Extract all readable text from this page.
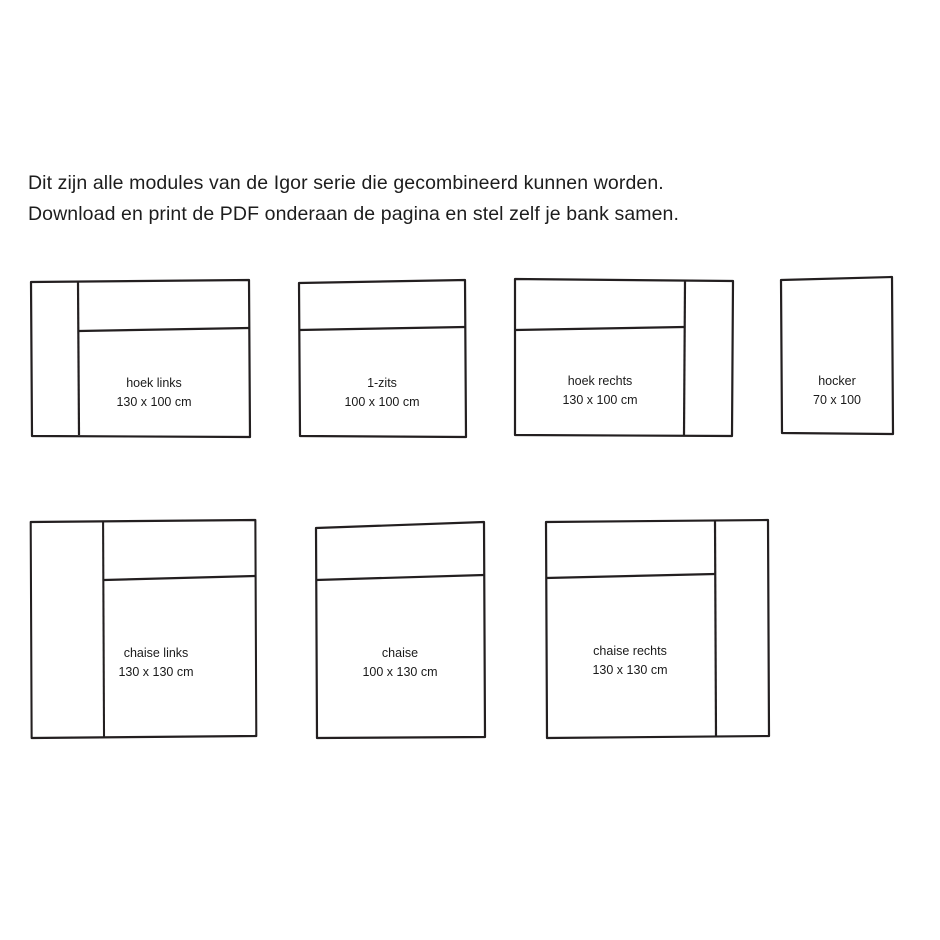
Dit zijn alle modules van de Igor serie die gecombineerd kunnen worden.
Download en print de PDF onderaan de pagina en stel zelf je bank samen.
hoek links
130 x 100 cm
1-zits
100 x 100 cm
hoek rechts
130 x 100 cm
hocker
70 x 100
chaise links
130 x 130 cm
chaise
100 x 130 cm
chaise rechts
130 x 130 cm
